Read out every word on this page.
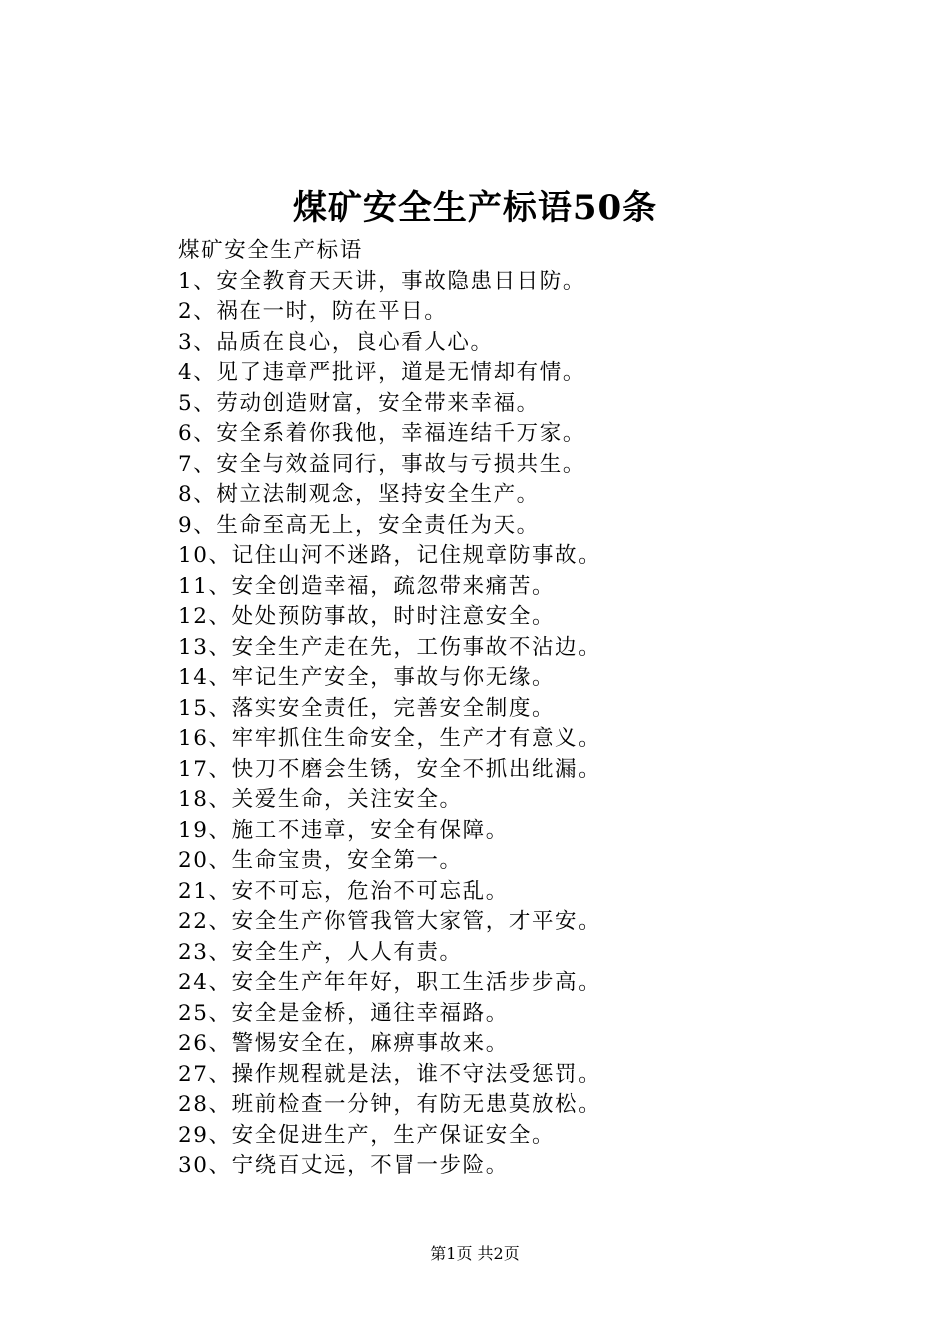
煤矿安全生产标语50条
煤矿安全生产标语
1、安全教育天天讲，事故隐患日日防。
2、祸在一时，防在平日。
3、品质在良心，良心看人心。
4、见了违章严批评，道是无情却有情。
5、劳动创造财富，安全带来幸福。
6、安全系着你我他，幸福连结千万家。
7、安全与效益同行，事故与亏损共生。
8、树立法制观念，坚持安全生产。
9、生命至高无上，安全责任为天。
10、记住山河不迷路，记住规章防事故。
11、安全创造幸福，疏忽带来痛苦。
12、处处预防事故，时时注意安全。
13、安全生产走在先，工伤事故不沾边。
14、牢记生产安全，事故与你无缘。
15、落实安全责任，完善安全制度。
16、牢牢抓住生命安全，生产才有意义。
17、快刀不磨会生锈，安全不抓出纰漏。
18、关爱生命，关注安全。
19、施工不违章，安全有保障。
20、生命宝贵，安全第一。
21、安不可忘，危治不可忘乱。
22、安全生产你管我管大家管，才平安。
23、安全生产，人人有责。
24、安全生产年年好，职工生活步步高。
25、安全是金桥，通往幸福路。
26、警惕安全在，麻痹事故来。
27、操作规程就是法，谁不守法受惩罚。
28、班前检查一分钟，有防无患莫放松。
29、安全促进生产，生产保证安全。
30、宁绕百丈远，不冒一步险。
第1页 共2页
